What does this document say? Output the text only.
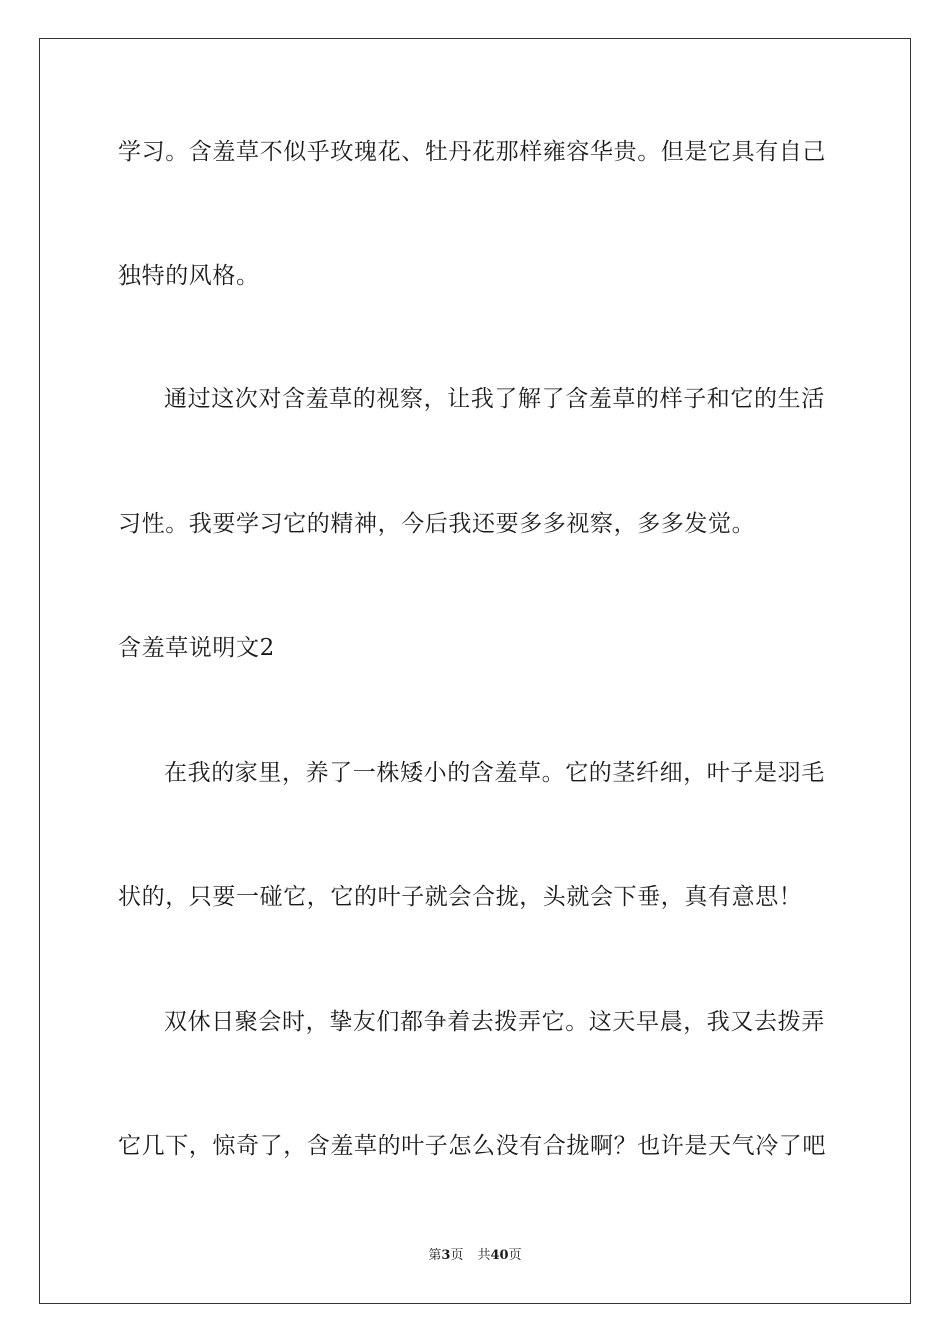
学习。含羞草不似乎玫瑰花、牡丹花那样雍容华贵。但是它具有自己
独特的风格。
通过这次对含羞草的视察，让我了解了含羞草的样子和它的生活
习性。我要学习它的精神，今后我还要多多视察，多多发觉。
含羞草说明文2
在我的家里，养了一株矮小的含羞草。它的茎纤细，叶子是羽毛
状的，只要一碰它，它的叶子就会合拢，头就会下垂，真有意思！
双休日聚会时，挚友们都争着去拨弄它。这天早晨，我又去拨弄
它几下，惊奇了，含羞草的叶子怎么没有合拢啊？也许是天气冷了吧
第3页 共40页
